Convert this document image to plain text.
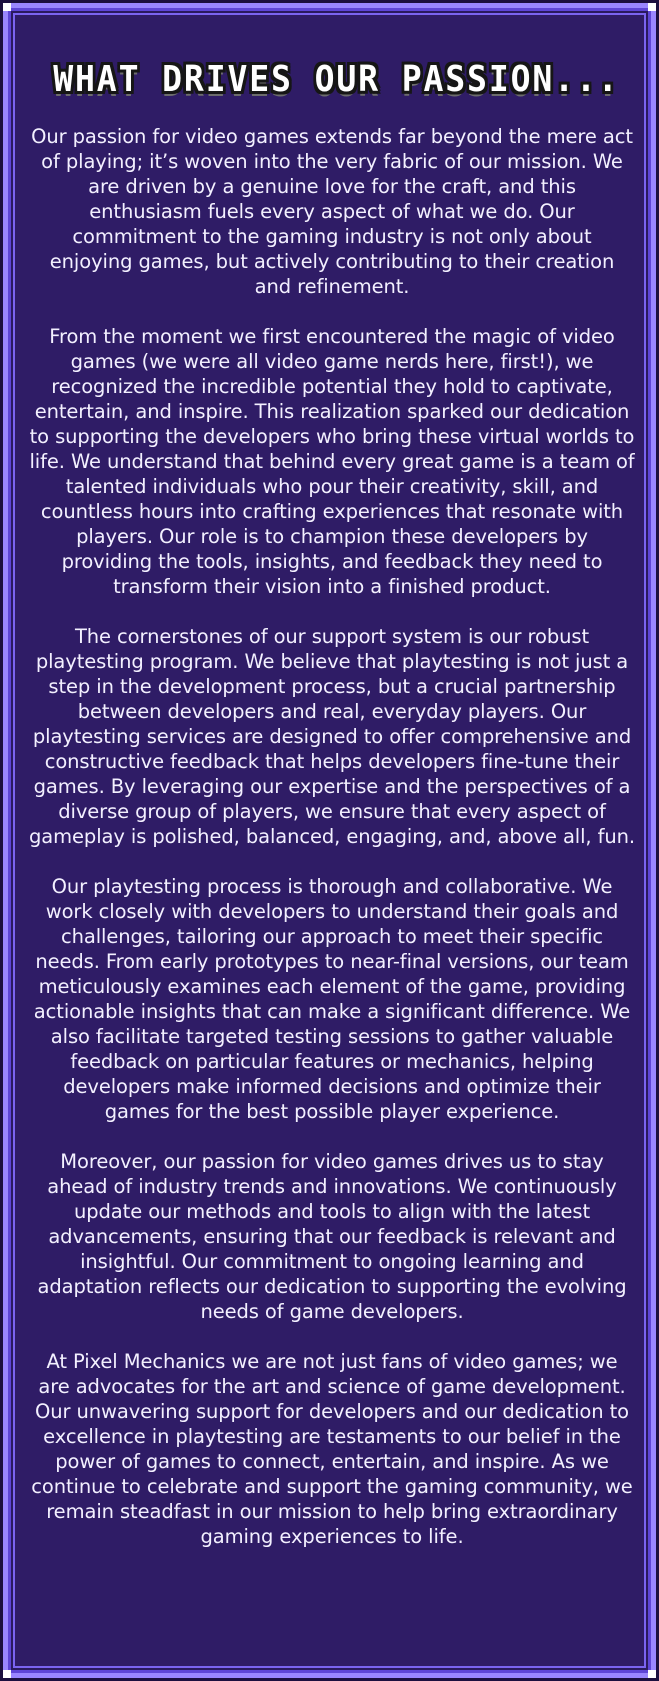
WHAT DRIVES OUR PASSION...

Our passion for video games extends far beyond the mere act of playing; it’s woven into the very fabric of our mission. We are driven by a genuine love for the craft, and this enthusiasm fuels every aspect of what we do. Our commitment to the gaming industry is not only about enjoying games, but actively contributing to their creation and refinement.

From the moment we first encountered the magic of video games (we were all video game nerds here, first!), we recognized the incredible potential they hold to captivate, entertain, and inspire. This realization sparked our dedication to supporting the developers who bring these virtual worlds to life. We understand that behind every great game is a team of talented individuals who pour their creativity, skill, and countless hours into crafting experiences that resonate with players. Our role is to champion these developers by providing the tools, insights, and feedback they need to transform their vision into a finished product.

The cornerstones of our support system is our robust playtesting program. We believe that playtesting is not just a step in the development process, but a crucial partnership between developers and real, everyday players. Our playtesting services are designed to offer comprehensive and constructive feedback that helps developers fine-tune their games. By leveraging our expertise and the perspectives of a diverse group of players, we ensure that every aspect of gameplay is polished, balanced, engaging, and, above all, fun.

Our playtesting process is thorough and collaborative. We work closely with developers to understand their goals and challenges, tailoring our approach to meet their specific needs. From early prototypes to near-final versions, our team meticulously examines each element of the game, providing actionable insights that can make a significant difference. We also facilitate targeted testing sessions to gather valuable feedback on particular features or mechanics, helping developers make informed decisions and optimize their games for the best possible player experience.

Moreover, our passion for video games drives us to stay ahead of industry trends and innovations. We continuously update our methods and tools to align with the latest advancements, ensuring that our feedback is relevant and insightful. Our commitment to ongoing learning and adaptation reflects our dedication to supporting the evolving needs of game developers.

At Pixel Mechanics we are not just fans of video games; we are advocates for the art and science of game development. Our unwavering support for developers and our dedication to excellence in playtesting are testaments to our belief in the power of games to connect, entertain, and inspire. As we continue to celebrate and support the gaming community, we remain steadfast in our mission to help bring extraordinary gaming experiences to life.
